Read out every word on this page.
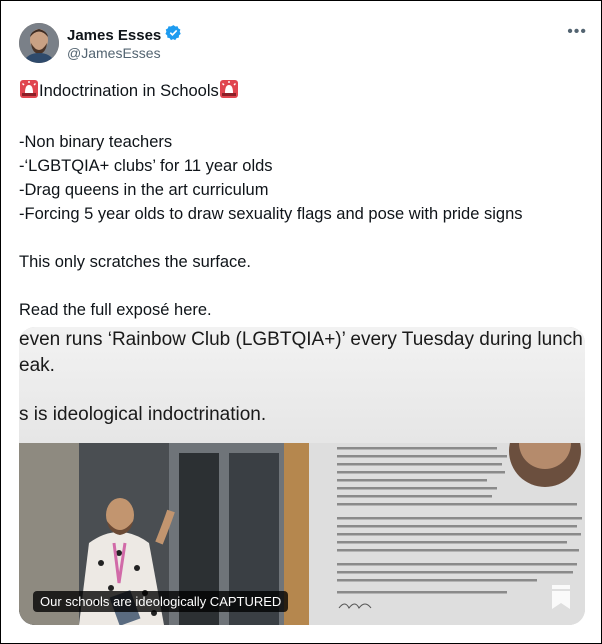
James Esses
@JamesEsses
•••
Indoctrination in Schools
-Non binary teachers
-‘LGBTQIA+ clubs’ for 11 year olds
-Drag queens in the art curriculum
-Forcing 5 year olds to draw sexuality flags and pose with pride signs
This only scratches the surface.
Read the full exposé here.
even runs ‘Rainbow Club (LGBTQIA+)’ every Tuesday during lunch
eak.
s is ideological indoctrination.
Our schools are ideologically CAPTURED
